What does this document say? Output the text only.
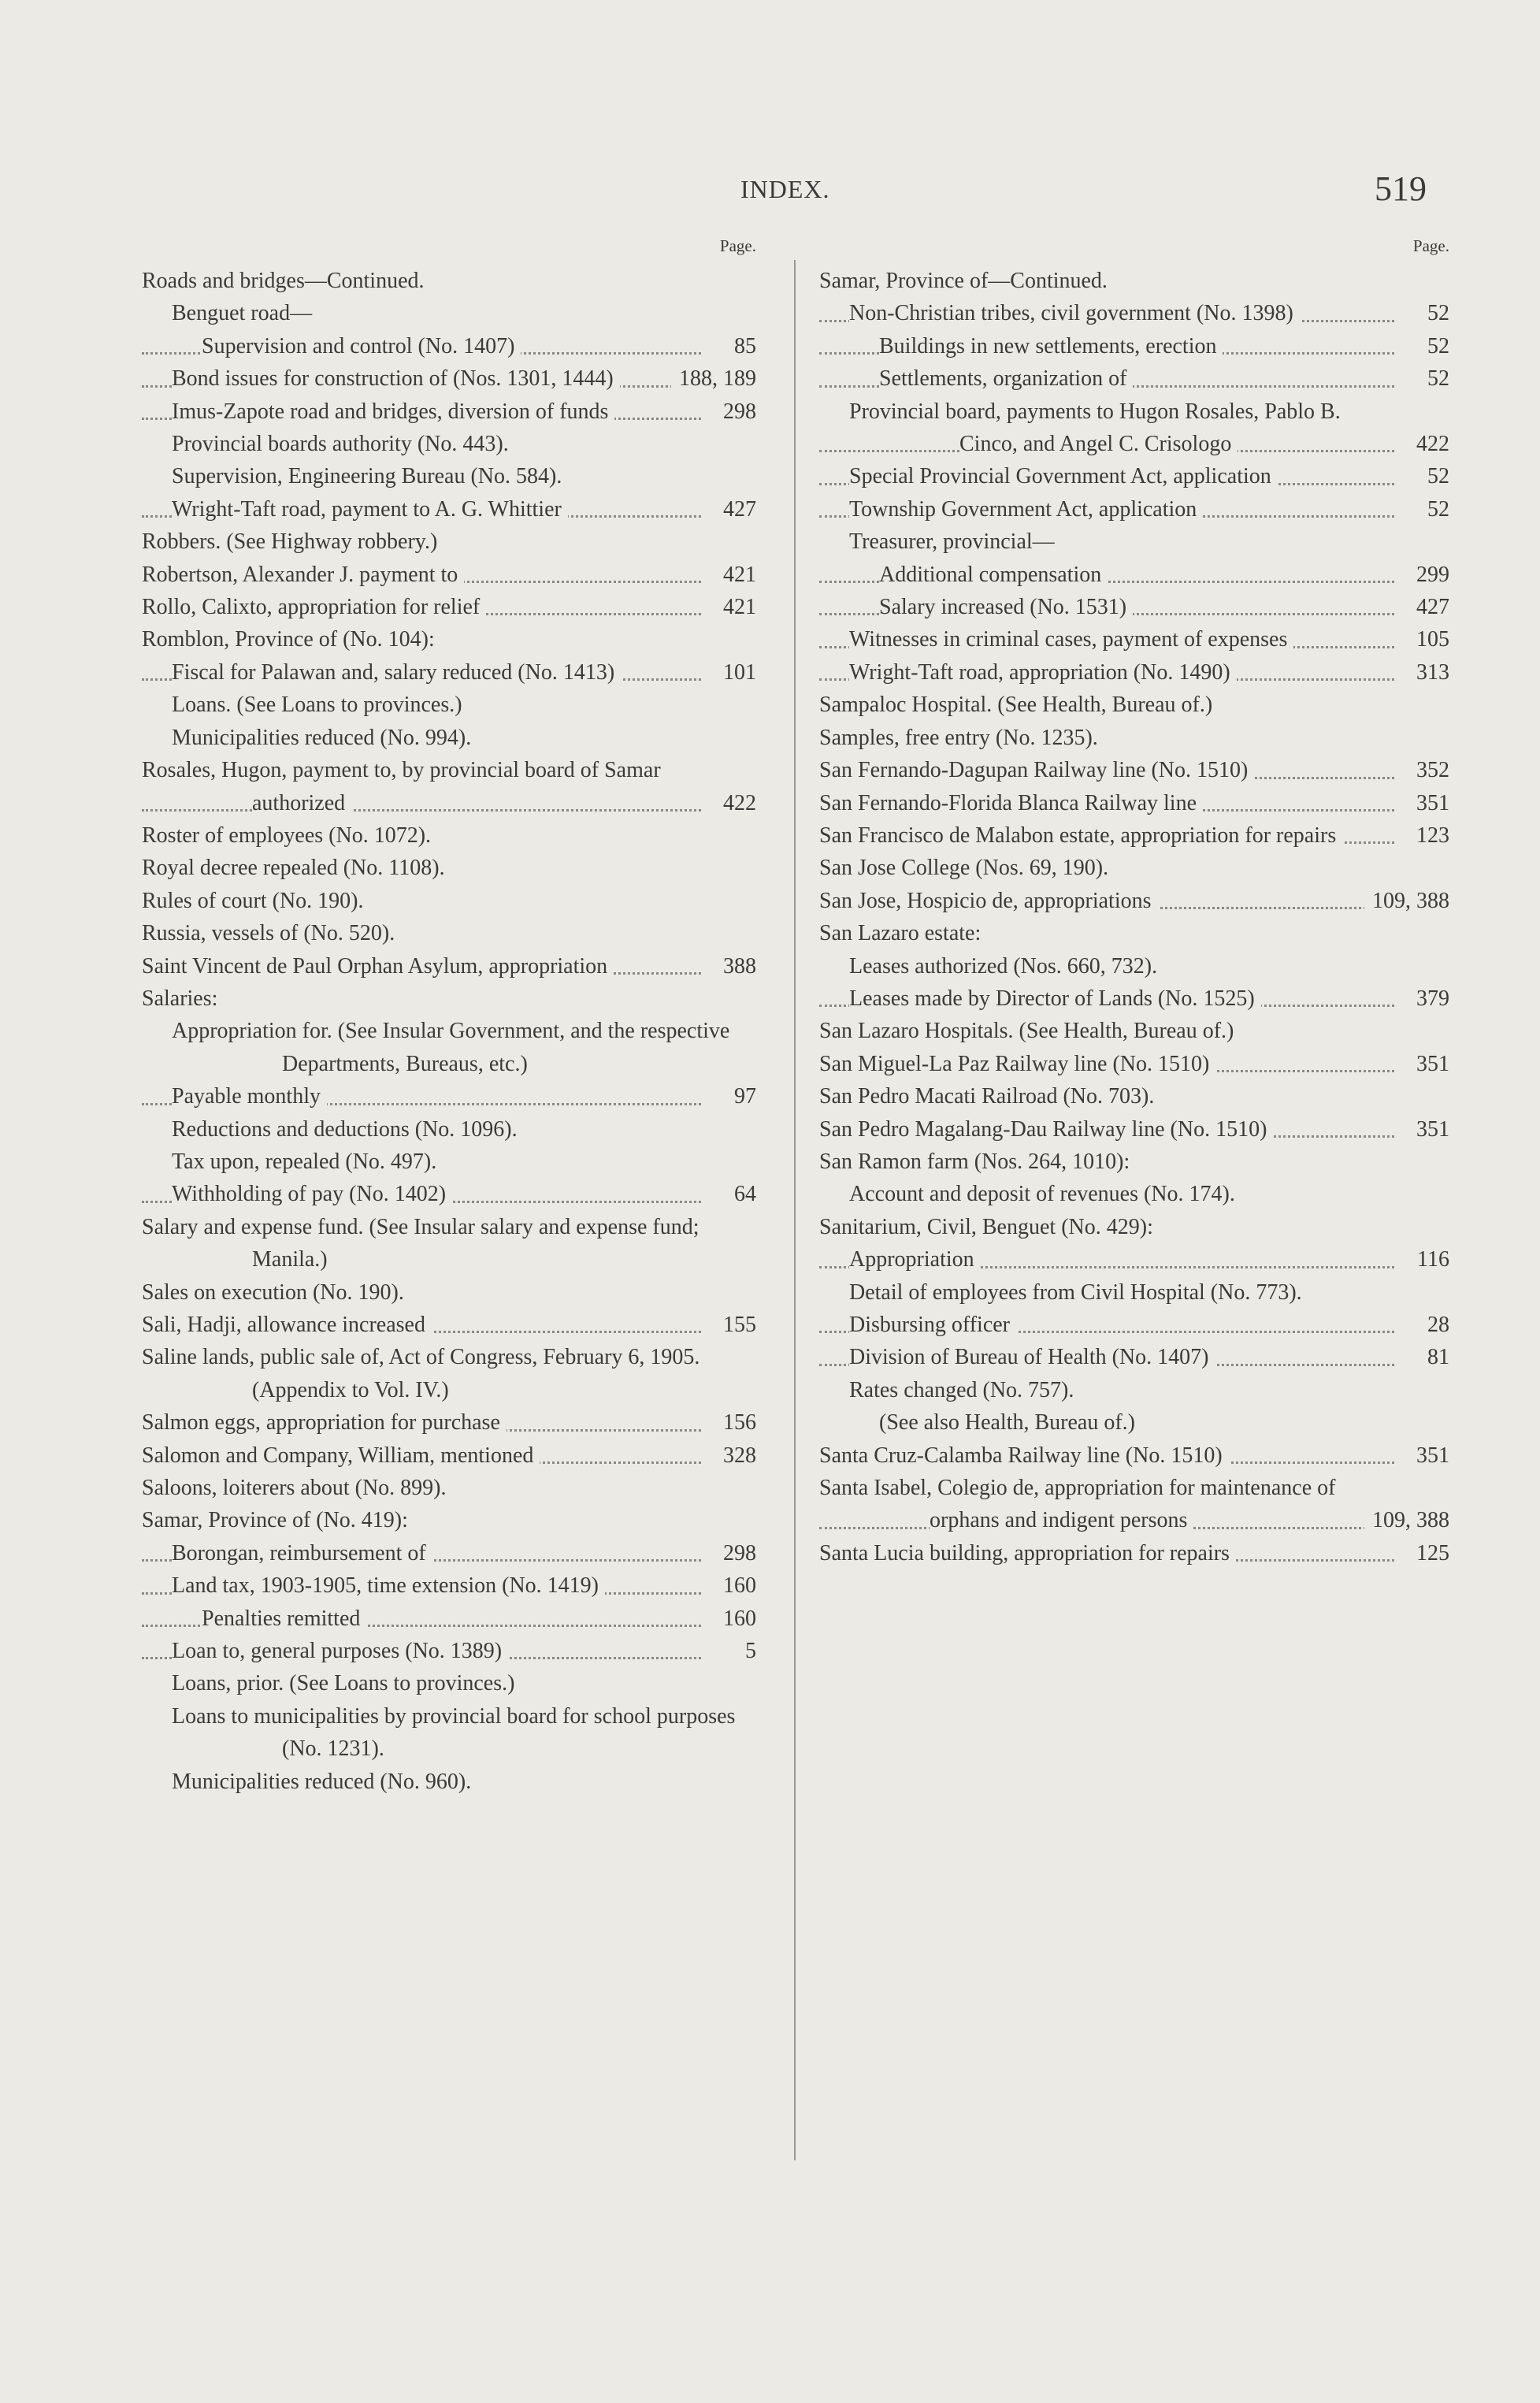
INDEX.	519
Page.
Roads and bridges—Continued.
Benguet road—
Supervision and control (No. 1407)	85
Bond issues for construction of (Nos. 1301, 1444)	188, 189
Imus-Zapote road and bridges, diversion of funds	298
Provincial boards authority (No. 443).
Supervision, Engineering Bureau (No. 584).
Wright-Taft road, payment to A. G. Whittier	427
Robbers. (See Highway robbery.)
Robertson, Alexander J. payment to	421
Rollo, Calixto, appropriation for relief	421
Romblon, Province of (No. 104):
Fiscal for Palawan and, salary reduced (No. 1413)	101
Loans. (See Loans to provinces.)
Municipalities reduced (No. 994).
Rosales, Hugon, payment to, by provincial board of Samar authorized	422
Roster of employees (No. 1072).
Royal decree repealed (No. 1108).
Rules of court (No. 190).
Russia, vessels of (No. 520).
Saint Vincent de Paul Orphan Asylum, appropriation	388
Salaries:
Appropriation for. (See Insular Government, and the respective Departments, Bureaus, etc.)
Payable monthly	97
Reductions and deductions (No. 1096).
Tax upon, repealed (No. 497).
Withholding of pay (No. 1402)	64
Salary and expense fund. (See Insular salary and expense fund; Manila.)
Sales on execution (No. 190).
Sali, Hadji, allowance increased	155
Saline lands, public sale of, Act of Congress, February 6, 1905. (Appendix to Vol. IV.)
Salmon eggs, appropriation for purchase	156
Salomon and Company, William, mentioned	328
Saloons, loiterers about (No. 899).
Samar, Province of (No. 419):
Borongan, reimbursement of	298
Land tax, 1903-1905, time extension (No. 1419)	160
Penalties remitted	160
Loan to, general purposes (No. 1389)	5
Loans, prior. (See Loans to provinces.)
Loans to municipalities by provincial board for school purposes (No. 1231).
Municipalities reduced (No. 960).
Page.
Samar, Province of—Continued.
Non-Christian tribes, civil government (No. 1398)	52
Buildings in new settlements, erection	52
Settlements, organization of	52
Provincial board, payments to Hugon Rosales, Pablo B. Cinco, and Angel C. Crisologo	422
Special Provincial Government Act, application	52
Township Government Act, application	52
Treasurer, provincial—
Additional compensation	299
Salary increased (No. 1531)	427
Witnesses in criminal cases, payment of expenses	105
Wright-Taft road, appropriation (No. 1490)	313
Sampaloc Hospital. (See Health, Bureau of.)
Samples, free entry (No. 1235).
San Fernando-Dagupan Railway line (No. 1510)	352
San Fernando-Florida Blanca Railway line	351
San Francisco de Malabon estate, appropriation for repairs	123
San Jose College (Nos. 69, 190).
San Jose, Hospicio de, appropriations	109, 388
San Lazaro estate:
Leases authorized (Nos. 660, 732).
Leases made by Director of Lands (No. 1525)	379
San Lazaro Hospitals. (See Health, Bureau of.)
San Miguel-La Paz Railway line (No. 1510)	351
San Pedro Macati Railroad (No. 703).
San Pedro Magalang-Dau Railway line (No. 1510)	351
San Ramon farm (Nos. 264, 1010):
Account and deposit of revenues (No. 174).
Sanitarium, Civil, Benguet (No. 429):
Appropriation	116
Detail of employees from Civil Hospital (No. 773).
Disbursing officer	28
Division of Bureau of Health (No. 1407)	81
Rates changed (No. 757).
(See also Health, Bureau of.)
Santa Cruz-Calamba Railway line (No. 1510)	351
Santa Isabel, Colegio de, appropriation for maintenance of orphans and indigent persons	109, 388
Santa Lucia building, appropriation for repairs	125
